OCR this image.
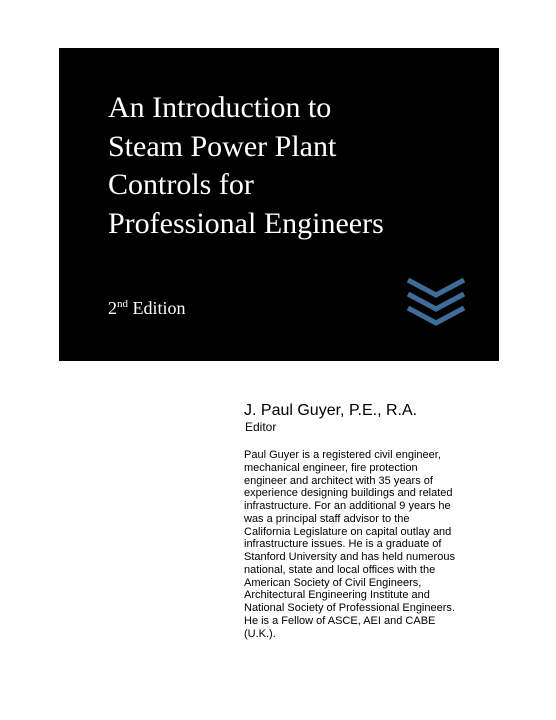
An Introduction to
Steam Power Plant
Controls for
Professional Engineers
2nd Edition

J. Paul Guyer, P.E., R.A.

Editor

Paul Guyer is a registered civil engineer,
mechanical engineer, fire protection
engineer and architect with 35 years of
experience designing buildings and related
infrastructure. For an additional 9 years he
was a principal staff advisor to the
California Legislature on capital outlay and
infrastructure issues. He is a graduate of
Stanford University and has held numerous
national, state and local offices with the
American Society of Civil Engineers,
Architectural Engineering Institute and
National Society of Professional Engineers.
He is a Fellow of ASCE, AEI and CABE
(U.K.).
